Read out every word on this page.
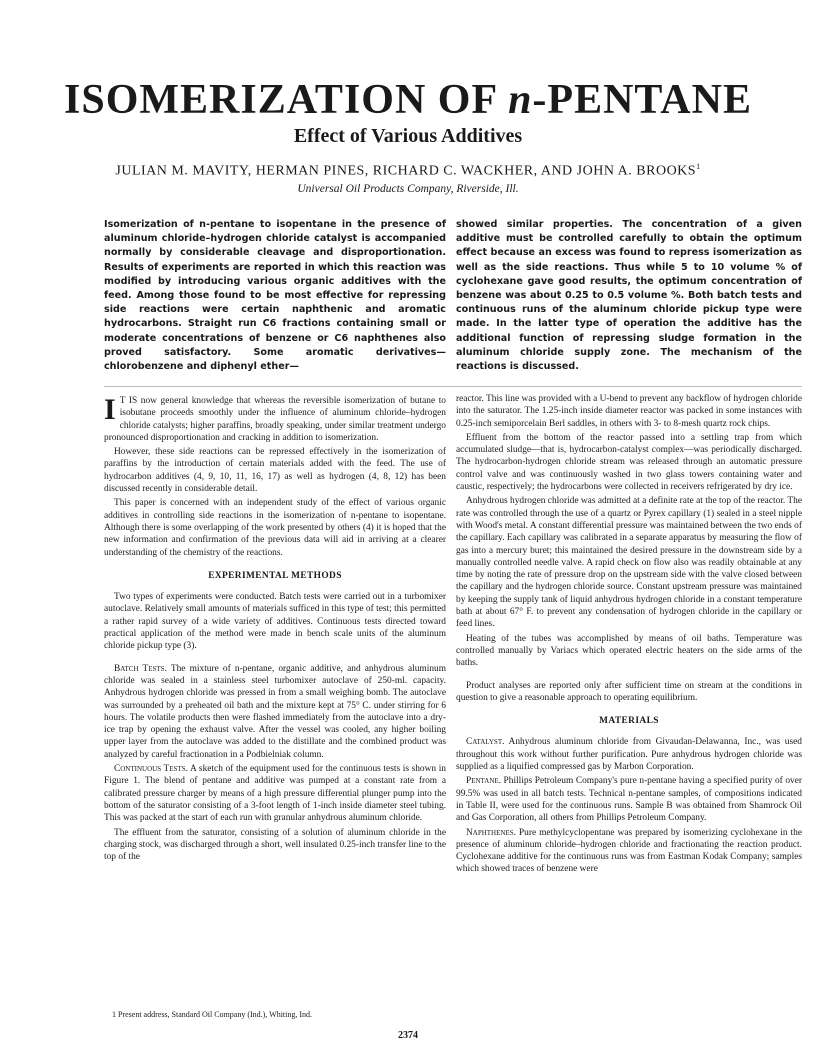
ISOMERIZATION OF n-PENTANE
Effect of Various Additives
JULIAN M. MAVITY, HERMAN PINES, RICHARD C. WACKHER, AND JOHN A. BROOKS$^1$
Universal Oil Products Company, Riverside, Ill.
Isomerization of n-pentane to isopentane in the presence of aluminum chloride–hydrogen chloride catalyst is accompanied normally by considerable cleavage and disproportionation. Results of experiments are reported in which this reaction was modified by introducing various organic additives with the feed. Among those found to be most effective for repressing side reactions were certain naphthenic and aromatic hydrocarbons. Straight run C6 fractions containing small or moderate concentrations of benzene or C6 naphthenes also proved satisfactory. Some aromatic derivatives—chlorobenzene and diphenyl ether—
showed similar properties. The concentration of a given additive must be controlled carefully to obtain the optimum effect because an excess was found to repress isomerization as well as the side reactions. Thus while 5 to 10 volume % of cyclohexane gave good results, the optimum concentration of benzene was about 0.25 to 0.5 volume %. Both batch tests and continuous runs of the aluminum chloride pickup type were made. In the latter type of operation the additive has the additional function of repressing sludge formation in the aluminum chloride supply zone. The mechanism of the reactions is discussed.

I T IS now general knowledge that whereas the reversible isomerization of butane to isobutane proceeds smoothly under the influence of aluminum chloride–hydrogen chloride catalysts; higher paraffins, broadly speaking, under similar treatment undergo pronounced disproportionation and cracking in addition to isomerization.

However, these side reactions can be repressed effectively in the isomerization of paraffins by the introduction of certain materials added with the feed. The use of hydrocarbon additives (4, 9, 10, 11, 16, 17) as well as hydrogen (4, 8, 12) has been discussed recently in considerable detail.

This paper is concerned with an independent study of the effect of various organic additives in controlling side reactions in the isomerization of n-pentane to isopentane. Although there is some overlapping of the work presented by others (4) it is hoped that the new information and confirmation of the previous data will aid in arriving at a clearer understanding of the chemistry of the reactions.

EXPERIMENTAL METHODS

Two types of experiments were conducted. Batch tests were carried out in a turbomixer autoclave. Relatively small amounts of materials sufficed in this type of test; this permitted a rather rapid survey of a wide variety of additives. Continuous tests directed toward practical application of the method were made in bench scale units of the aluminum chloride pickup type (3).

Batch Tests. The mixture of n-pentane, organic additive, and anhydrous aluminum chloride was sealed in a stainless steel turbomixer autoclave of 250-ml. capacity. Anhydrous hydrogen chloride was pressed in from a small weighing bomb. The autoclave was surrounded by a preheated oil bath and the mixture kept at 75° C. under stirring for 6 hours. The volatile products then were flashed immediately from the autoclave into a dry-ice trap by opening the exhaust valve. After the vessel was cooled, any higher boiling upper layer from the autoclave was added to the distillate and the combined product was analyzed by careful fractionation in a Podbielniak column.

Continuous Tests. A sketch of the equipment used for the continuous tests is shown in Figure 1. The blend of pentane and additive was pumped at a constant rate from a calibrated pressure charger by means of a high pressure differential plunger pump into the bottom of the saturator consisting of a 3-foot length of 1-inch inside diameter steel tubing. This was packed at the start of each run with granular anhydrous aluminum chloride.

The effluent from the saturator, consisting of a solution of aluminum chloride in the charging stock, was discharged through a short, well insulated 0.25-inch transfer line to the top of the

1 Present address, Standard Oil Company (Ind.), Whiting, Ind.

reactor. This line was provided with a U-bend to prevent any backflow of hydrogen chloride into the saturator. The 1.25-inch inside diameter reactor was packed in some instances with 0.25-inch semiporcelain Berl saddles, in others with 3- to 8-mesh quartz rock chips.

Effluent from the bottom of the reactor passed into a settling trap from which accumulated sludge—that is, hydrocarbon-catalyst complex—was periodically discharged. The hydrocarbon-hydrogen chloride stream was released through an automatic pressure control valve and was continuously washed in two glass towers containing water and caustic, respectively; the hydrocarbons were collected in receivers refrigerated by dry ice.

Anhydrous hydrogen chloride was admitted at a definite rate at the top of the reactor. The rate was controlled through the use of a quartz or Pyrex capillary (1) sealed in a steel nipple with Wood's metal. A constant differential pressure was maintained between the two ends of the capillary. Each capillary was calibrated in a separate apparatus by measuring the flow of gas into a mercury buret; this maintained the desired pressure in the downstream side by a manually controlled needle valve. A rapid check on flow also was readily obtainable at any time by noting the rate of pressure drop on the upstream side with the valve closed between the capillary and the hydrogen chloride source. Constant upstream pressure was maintained by keeping the supply tank of liquid anhydrous hydrogen chloride in a constant temperature bath at about 67° F. to prevent any condensation of hydrogen chloride in the capillary or feed lines.

Heating of the tubes was accomplished by means of oil baths. Temperature was controlled manually by Variacs which operated electric heaters on the side arms of the baths.

Product analyses are reported only after sufficient time on stream at the conditions in question to give a reasonable approach to operating equilibrium.

MATERIALS

Catalyst. Anhydrous aluminum chloride from Givaudan-Delawanna, Inc., was used throughout this work without further purification. Pure anhydrous hydrogen chloride was supplied as a liquified compressed gas by Marbon Corporation.

Pentane. Phillips Petroleum Company's pure n-pentane having a specified purity of over 99.5% was used in all batch tests. Technical n-pentane samples, of compositions indicated in Table II, were used for the continuous runs. Sample B was obtained from Shamrock Oil and Gas Corporation, all others from Phillips Petroleum Company.

Naphthenes. Pure methylcyclopentane was prepared by isomerizing cyclohexane in the presence of aluminum chloride–hydrogen chloride and fractionating the reaction product. Cyclohexane additive for the continuous runs was from Eastman Kodak Company; samples which showed traces of benzene were

2374
